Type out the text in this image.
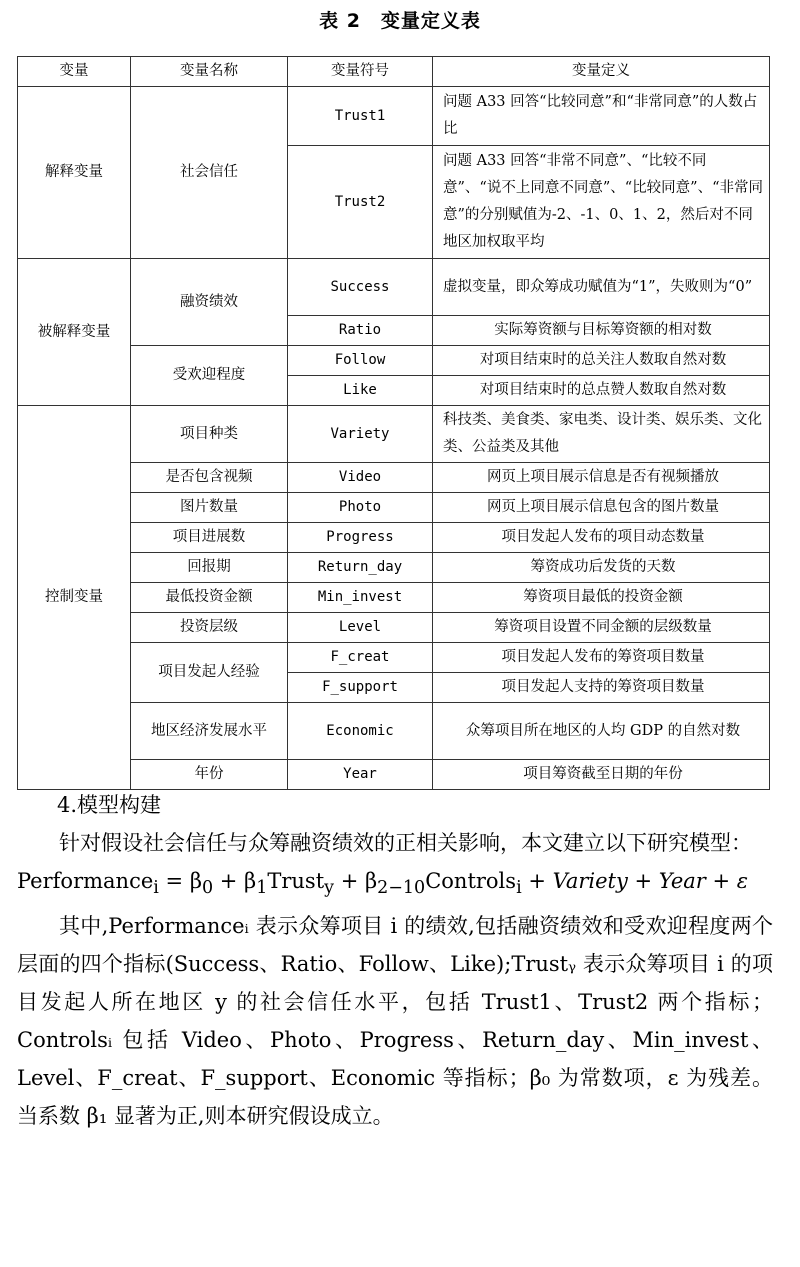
表 2　变量定义表
变量	变量名称	变量符号	变量定义
解释变量	社会信任	Trust1	问题 A33 回答“比较同意”和“非常同意”的人数占比
		Trust2	问题 A33 回答“非常不同意”、“比较不同意”、“说不上同意不同意”、“比较同意”、“非常同意”的分别赋值为-2、-1、0、1、2，然后对不同地区加权取平均
被解释变量	融资绩效	Success	虚拟变量，即众筹成功赋值为“1”，失败则为“0”
		Ratio	实际筹资额与目标筹资额的相对数
	受欢迎程度	Follow	对项目结束时的总关注人数取自然对数
		Like	对项目结束时的总点赞人数取自然对数
控制变量	项目种类	Variety	科技类、美食类、家电类、设计类、娱乐类、文化类、公益类及其他
	是否包含视频	Video	网页上项目展示信息是否有视频播放
	图片数量	Photo	网页上项目展示信息包含的图片数量
	项目进展数	Progress	项目发起人发布的项目动态数量
	回报期	Return_day	筹资成功后发货的天数
	最低投资金额	Min_invest	筹资项目最低的投资金额
	投资层级	Level	筹资项目设置不同金额的层级数量
	项目发起人经验	F_creat	项目发起人发布的筹资项目数量
		F_support	项目发起人支持的筹资项目数量
	地区经济发展水平	Economic	众筹项目所在地区的人均 GDP 的自然对数
	年份	Year	项目筹资截至日期的年份
4.模型构建
针对假设社会信任与众筹融资绩效的正相关影响，本文建立以下研究模型：
Performance$_i$ = $\beta_0$ + $\beta_1Trust_y$ + $\beta_{2-10}Controls_i$ + Variety + Year + ε
其中,Performanceᵢ 表示众筹项目 i 的绩效,包括融资绩效和受欢迎程度两个层面的四个指标(Success、Ratio、Follow、Like);Trustᵧ 表示众筹项目 i 的项目发起人所在地区 y 的社会信任水平，包括 Trust1、Trust2 两个指标；Controlsᵢ 包括 Video、Photo、Progress、Return_day、Min_invest、Level、F_creat、F_support、Economic 等指标；β₀ 为常数项，ε 为残差。当系数 β₁ 显著为正,则本研究假设成立。
